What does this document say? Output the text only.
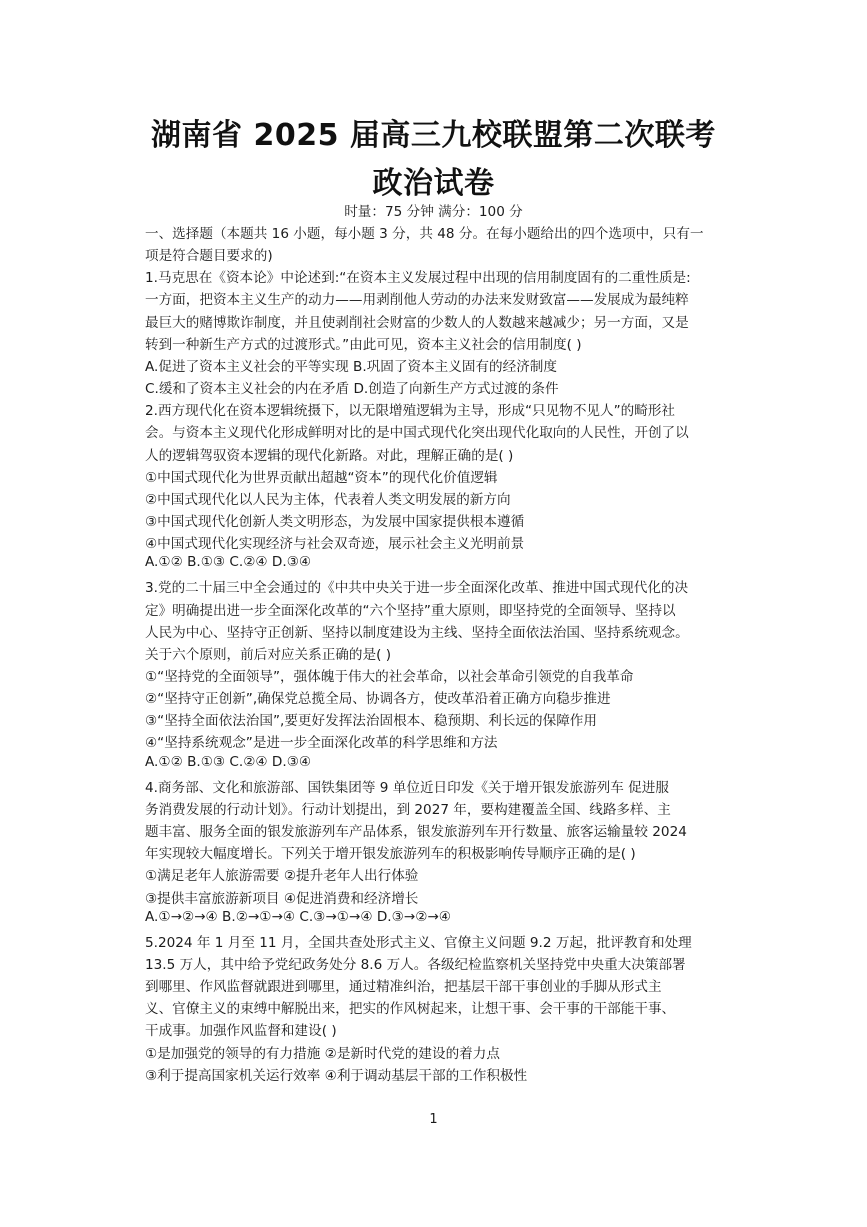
湖南省 2025 届高三九校联盟第二次联考
政治试卷
时量：75 分钟 满分：100 分
一、选择题（本题共 16 小题，每小题 3 分，共 48 分。在每小题给出的四个选项中，只有一
项是符合题目要求的)
1.马克思在《资本论》中论述到:“在资本主义发展过程中出现的信用制度固有的二重性质是:
一方面，把资本主义生产的动力——用剥削他人劳动的办法来发财致富——发展成为最纯粹
最巨大的赌博欺诈制度，并且使剥削社会财富的少数人的人数越来越减少；另一方面，又是
转到一种新生产方式的过渡形式。”由此可见，资本主义社会的信用制度( )
A.促进了资本主义社会的平等实现 B.巩固了资本主义固有的经济制度
C.缓和了资本主义社会的内在矛盾 D.创造了向新生产方式过渡的条件
2.西方现代化在资本逻辑统摄下，以无限增殖逻辑为主导，形成“只见物不见人”的畸形社
会。与资本主义现代化形成鲜明对比的是中国式现代化突出现代化取向的人民性，开创了以
人的逻辑驾驭资本逻辑的现代化新路。对此，理解正确的是( )
①中国式现代化为世界贡献出超越“资本”的现代化价值逻辑
②中国式现代化以人民为主体，代表着人类文明发展的新方向
③中国式现代化创新人类文明形态，为发展中国家提供根本遵循
④中国式现代化实现经济与社会双奇迹，展示社会主义光明前景
A.①② B.①③ C.②④ D.③④
3.党的二十届三中全会通过的《中共中央关于进一步全面深化改革、推进中国式现代化的决
定》明确提出进一步全面深化改革的“六个坚持”重大原则，即坚持党的全面领导、坚持以
人民为中心、坚持守正创新、坚持以制度建设为主线、坚持全面依法治国、坚持系统观念。
关于六个原则，前后对应关系正确的是( )
①“坚持党的全面领导”，强体魄于伟大的社会革命，以社会革命引领党的自我革命
②“坚持守正创新”,确保党总揽全局、协调各方，使改革沿着正确方向稳步推进
③“坚持全面依法治国”,要更好发挥法治固根本、稳预期、利长远的保障作用
④“坚持系统观念”是进一步全面深化改革的科学思维和方法
A.①② B.①③ C.②④ D.③④
4.商务部、文化和旅游部、国铁集团等 9 单位近日印发《关于增开银发旅游列车 促进服
务消费发展的行动计划》。行动计划提出，到 2027 年，要构建覆盖全国、线路多样、主
题丰富、服务全面的银发旅游列车产品体系，银发旅游列车开行数量、旅客运输量较 2024
年实现较大幅度增长。下列关于增开银发旅游列车的积极影响传导顺序正确的是( )
①满足老年人旅游需要 ②提升老年人出行体验
③提供丰富旅游新项目 ④促进消费和经济增长
A.①→②→④ B.②→①→④ C.③→①→④ D.③→②→④
5.2024 年 1 月至 11 月，全国共查处形式主义、官僚主义问题 9.2 万起，批评教育和处理
13.5 万人，其中给予党纪政务处分 8.6 万人。各级纪检监察机关坚持党中央重大决策部署
到哪里、作风监督就跟进到哪里，通过精准纠治，把基层干部干事创业的手脚从形式主
义、官僚主义的束缚中解脱出来，把实的作风树起来，让想干事、会干事的干部能干事、
干成事。加强作风监督和建设( )
①是加强党的领导的有力措施 ②是新时代党的建设的着力点
③利于提高国家机关运行效率 ④利于调动基层干部的工作积极性
1
